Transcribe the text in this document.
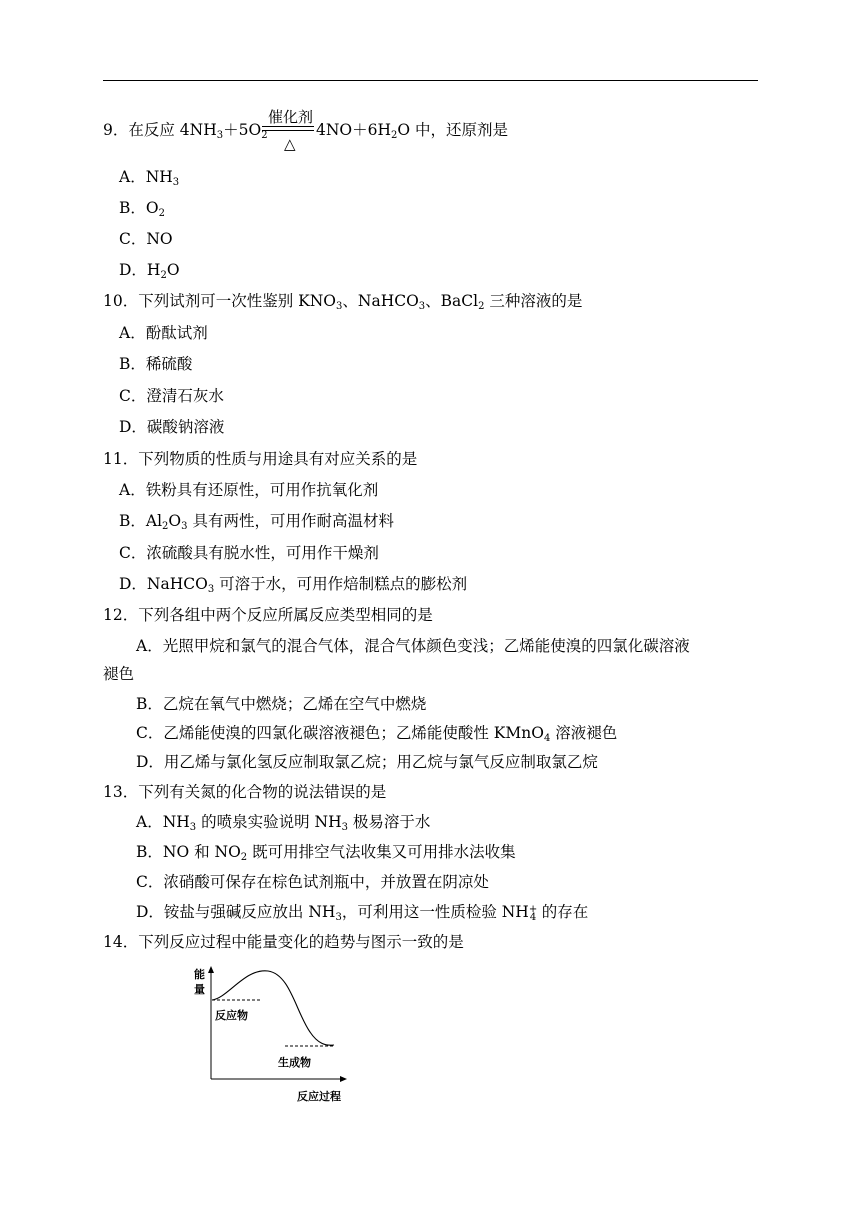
9．在反应 $4NH_3+5O_2$
催化剂
△
$4NO+6H_2O$ 中，还原剂是
A．$NH_3$
B．$O_2$
C．NO
D．$H_2O$
10．下列试剂可一次性鉴别 $KNO_3$、NaHCO$_3$、BaCl$_2$ 三种溶液的是
A．酚酞试剂
B．稀硫酸
C．澄清石灰水
D．碳酸钠溶液
11．下列物质的性质与用途具有对应关系的是
A．铁粉具有还原性，可用作抗氧化剂
B．$Al_2O_3$ 具有两性，可用作耐高温材料
C．浓硫酸具有脱水性，可用作干燥剂
D．NaHCO$_3$ 可溶于水，可用作焙制糕点的膨松剂
12．下列各组中两个反应所属反应类型相同的是
A．光照甲烷和氯气的混合气体，混合气体颜色变浅；乙烯能使溴的四氯化碳溶液
褪色
B．乙烷在氧气中燃烧；乙烯在空气中燃烧
C．乙烯能使溴的四氯化碳溶液褪色；乙烯能使酸性 KMnO$_4$ 溶液褪色
D．用乙烯与氯化氢反应制取氯乙烷；用乙烷与氯气反应制取氯乙烷
13．下列有关氮的化合物的说法错误的是
A．$NH_3$ 的喷泉实验说明 $NH_3$ 极易溶于水
B．NO 和 $NO_2$ 既可用排空气法收集又可用排水法收集
C．浓硝酸可保存在棕色试剂瓶中，并放置在阴凉处
D．铵盐与强碱反应放出 $NH_3$，可利用这一性质检验 NH +
4 的存在
14．下列反应过程中能量变化的趋势与图示一致的是
能
量
反应物
生成物
反应过程
